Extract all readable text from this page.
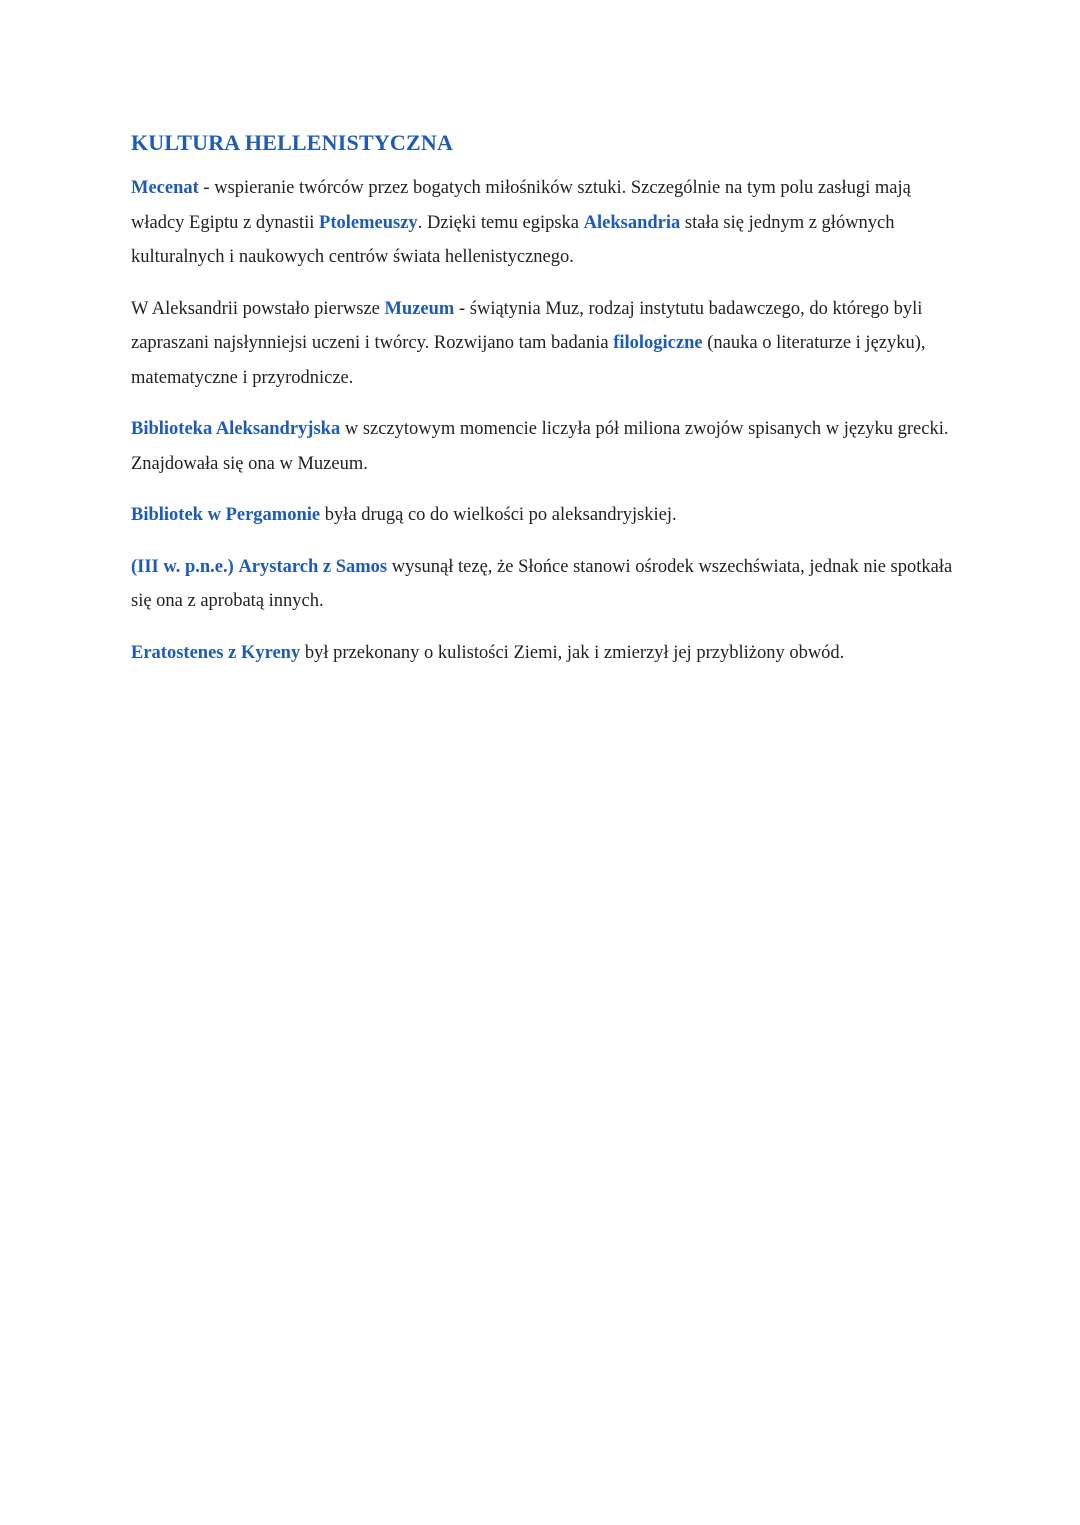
KULTURA HELLENISTYCZNA

Mecenat - wspieranie twórców przez bogatych miłośników sztuki. Szczególnie na tym polu zasługi mają władcy Egiptu z dynastii Ptolemeuszy. Dzięki temu egipska Aleksandria stała się jednym z głównych kulturalnych i naukowych centrów świata hellenistycznego.

W Aleksandrii powstało pierwsze Muzeum - świątynia Muz, rodzaj instytutu badawczego, do którego byli zapraszani najsłynniejsi uczeni i twórcy. Rozwijano tam badania filologiczne (nauka o literaturze i języku), matematyczne i przyrodnicze.

Biblioteka Aleksandryjska w szczytowym momencie liczyła pół miliona zwojów spisanych w języku grecki. Znajdowała się ona w Muzeum.

Bibliotek w Pergamonie była drugą co do wielkości po aleksandryjskiej.

(III w. p.n.e.) Arystarch z Samos wysunął tezę, że Słońce stanowi ośrodek wszechświata, jednak nie spotkała się ona z aprobatą innych.

Eratostenes z Kyreny był przekonany o kulistości Ziemi, jak i zmierzył jej przybliżony obwód.
